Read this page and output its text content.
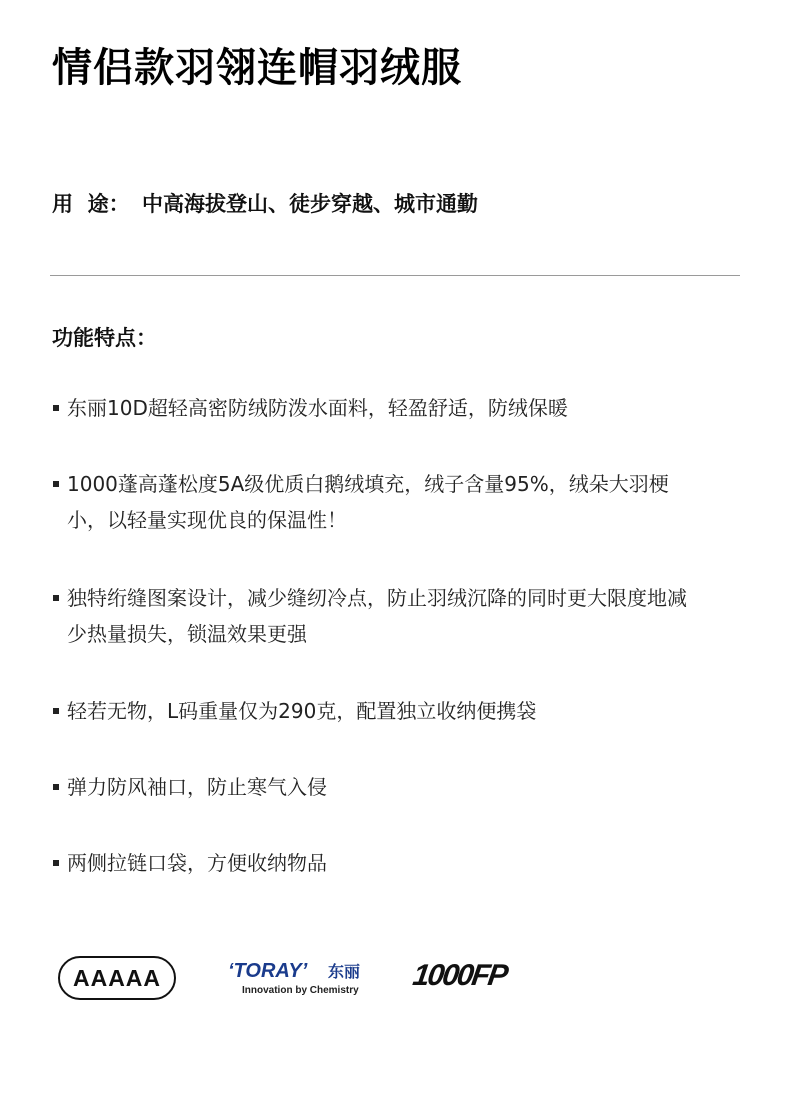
情侣款羽翎连帽羽绒服
用  途： 中高海拔登山、徒步穿越、城市通勤
功能特点：
东丽10D超轻高密防绒防泼水面料，轻盈舒适，防绒保暖
1000蓬高蓬松度5A级优质白鹅绒填充，绒子含量95%，绒朵大羽梗小，以轻量实现优良的保温性！
独特绗缝图案设计，减少缝纫冷点，防止羽绒沉降的同时更大限度地减少热量损失，锁温效果更强
轻若无物，L码重量仅为290克，配置独立收纳便携袋
弹力防风袖口，防止寒气入侵
两侧拉链口袋，方便收纳物品
AAAAA	‘TORAY’ 东丽
Innovation by Chemistry 1000FP
